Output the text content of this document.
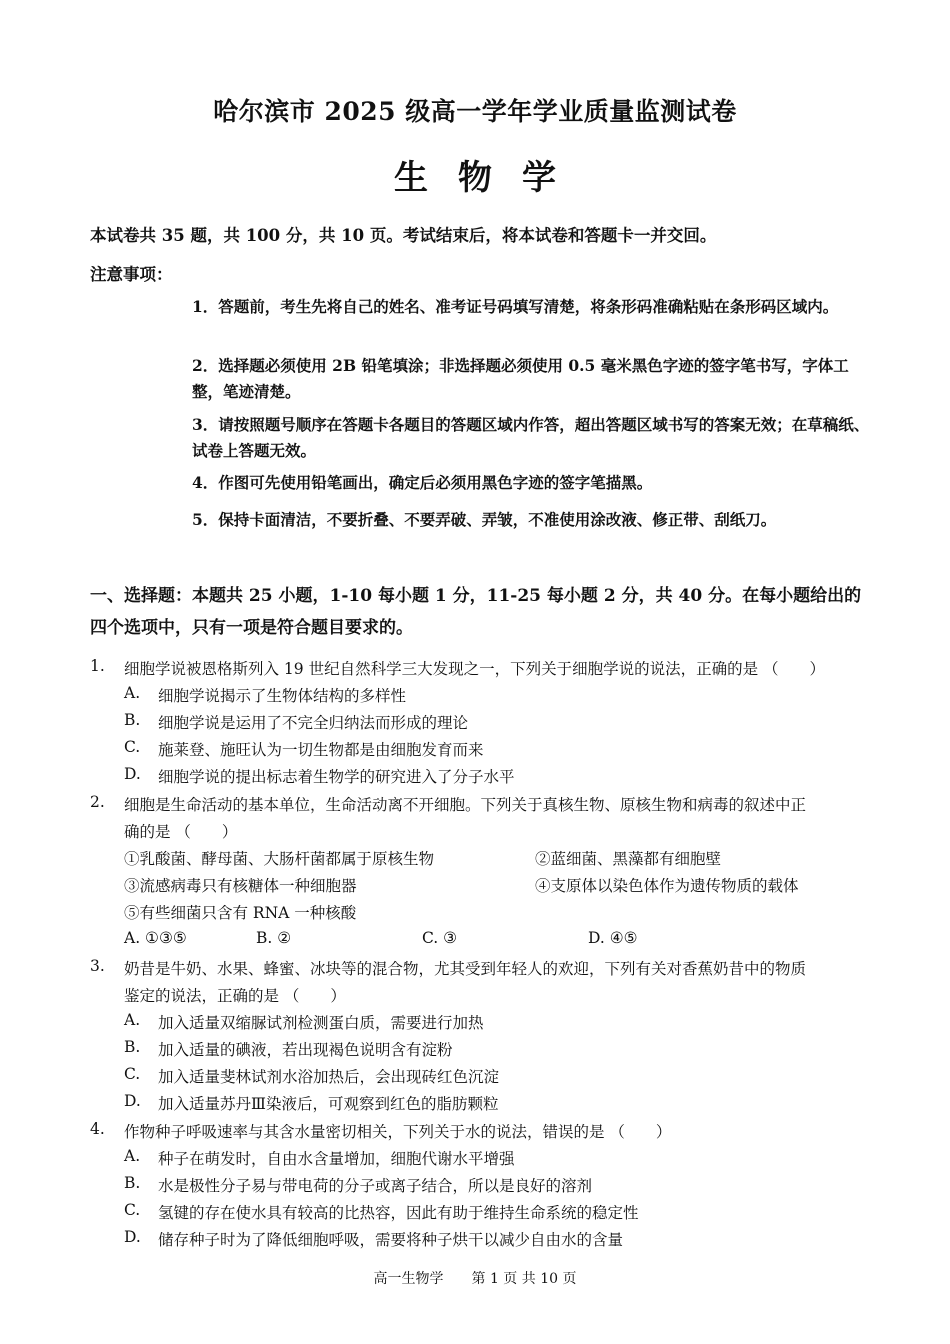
哈尔滨市 2025 级高一学年学业质量监测试卷
生物学
本试卷共 35 题，共 100 分，共 10 页。考试结束后，将本试卷和答题卡一并交回。
注意事项：
1．答题前，考生先将自己的姓名、准考证号码填写清楚，将条形码准确粘贴在条形码区域内。
2．选择题必须使用 2B 铅笔填涂；非选择题必须使用 0.5 毫米黑色字迹的签字笔书写，字体工整，笔迹清楚。
3．请按照题号顺序在答题卡各题目的答题区域内作答，超出答题区域书写的答案无效；在草稿纸、试卷上答题无效。
4．作图可先使用铅笔画出，确定后必须用黑色字迹的签字笔描黑。
5．保持卡面清洁，不要折叠、不要弄破、弄皱，不准使用涂改液、修正带、刮纸刀。
一、选择题：本题共 25 小题，1-10 每小题 1 分，11-25 每小题 2 分，共 40 分。在每小题给出的四个选项中，只有一项是符合题目要求的。
1. 细胞学说被恩格斯列入 19 世纪自然科学三大发现之一，下列关于细胞学说的说法，正确的是 （　　）
A. 细胞学说揭示了生物体结构的多样性
B. 细胞学说是运用了不完全归纳法而形成的理论
C. 施莱登、施旺认为一切生物都是由细胞发育而来
D. 细胞学说的提出标志着生物学的研究进入了分子水平
2. 细胞是生命活动的基本单位，生命活动离不开细胞。下列关于真核生物、原核生物和病毒的叙述中正
确的是 （　　）
①乳酸菌、酵母菌、大肠杆菌都属于原核生物	②蓝细菌、黑藻都有细胞壁
③流感病毒只有核糖体一种细胞器	④支原体以染色体作为遗传物质的载体
⑤有些细菌只含有 RNA 一种核酸
A. ①③⑤	B. ②	C. ③	D. ④⑤
3. 奶昔是牛奶、水果、蜂蜜、冰块等的混合物，尤其受到年轻人的欢迎，下列有关对香蕉奶昔中的物质
鉴定的说法，正确的是 （　　）
A. 加入适量双缩脲试剂检测蛋白质，需要进行加热
B. 加入适量的碘液，若出现褐色说明含有淀粉
C. 加入适量斐林试剂水浴加热后，会出现砖红色沉淀
D. 加入适量苏丹Ⅲ染液后，可观察到红色的脂肪颗粒
4. 作物种子呼吸速率与其含水量密切相关，下列关于水的说法，错误的是 （　　）
A. 种子在萌发时，自由水含量增加，细胞代谢水平增强
B. 水是极性分子易与带电荷的分子或离子结合，所以是良好的溶剂
C. 氢键的存在使水具有较高的比热容，因此有助于维持生命系统的稳定性
D. 储存种子时为了降低细胞呼吸，需要将种子烘干以减少自由水的含量
高一生物学　　第 1 页 共 10 页
